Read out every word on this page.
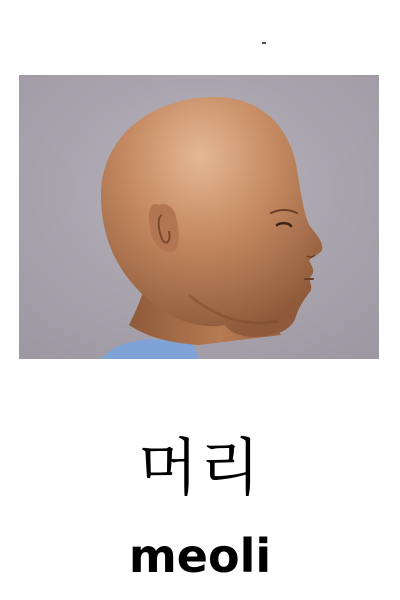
머리
meoli
